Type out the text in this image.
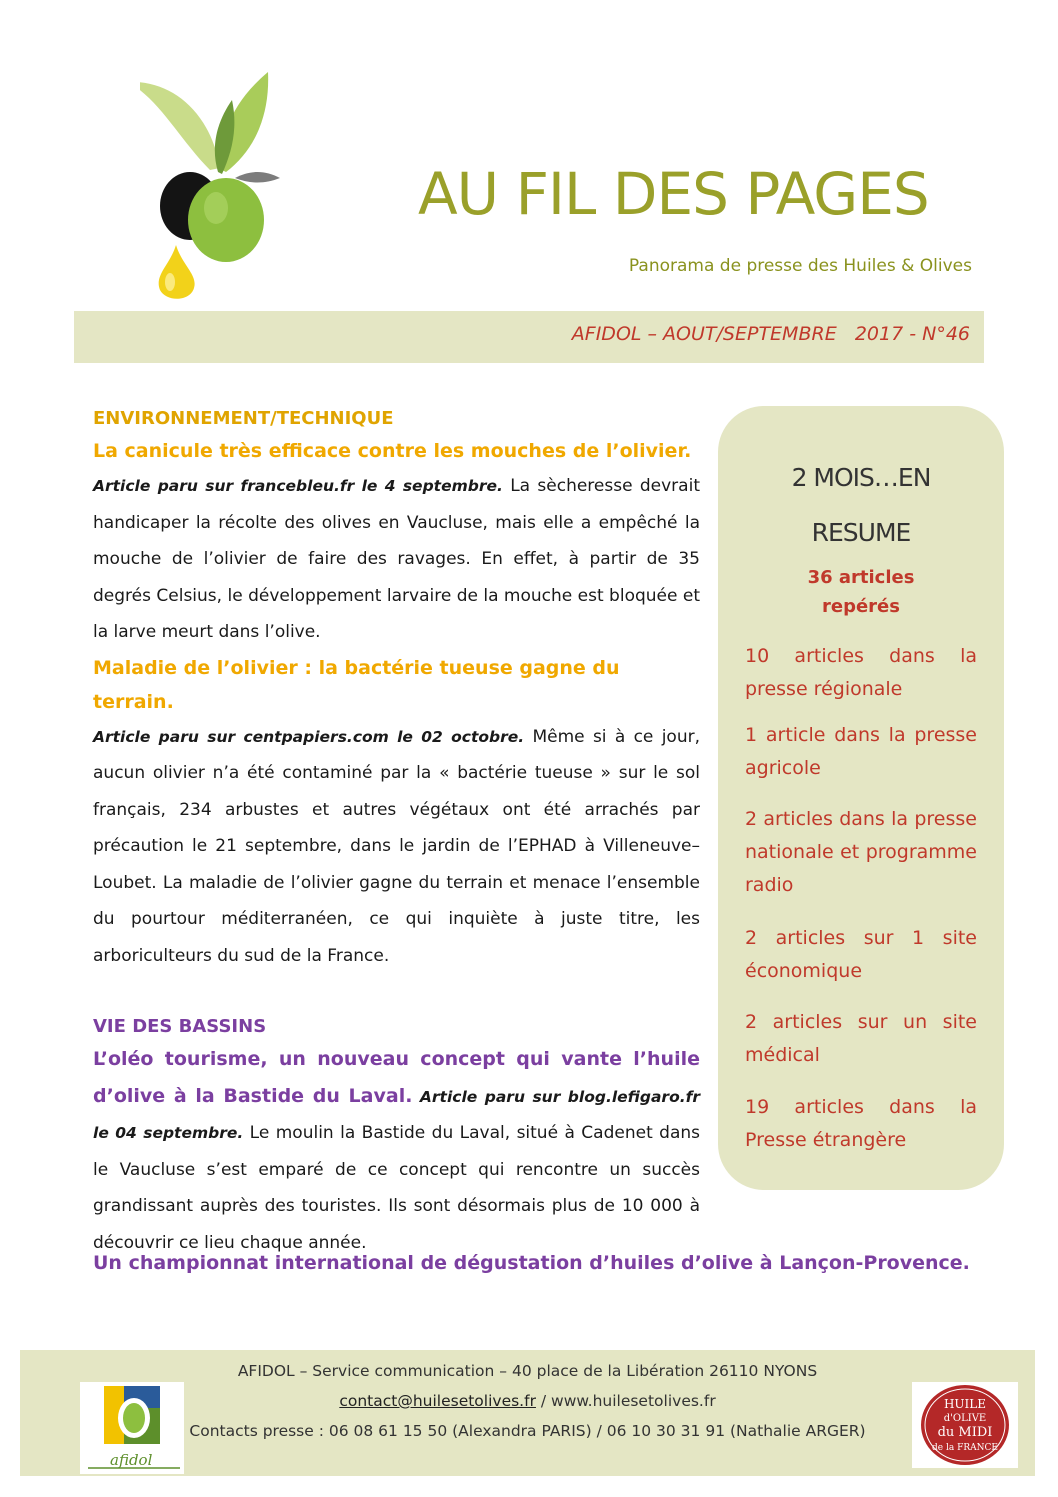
AU FIL DES PAGES
Panorama de presse des Huiles & Olives
AFIDOL – AOUT/SEPTEMBRE   2017 - N°46

ENVIRONNEMENT/TECHNIQUE

La canicule très efficace contre les mouches de l’olivier.

Article paru sur francebleu.fr le 4 septembre. La sècheresse devrait handicaper la récolte des olives en Vaucluse, mais elle a empêché la mouche de l’olivier de faire des ravages. En effet, à partir de 35 degrés Celsius, le développement larvaire de la mouche est bloquée et la larve meurt dans l’olive.

Maladie de l’olivier : la bactérie tueuse gagne du terrain.

Article paru sur centpapiers.com le 02 octobre. Même si à ce jour, aucun olivier n’a été contaminé par la « bactérie tueuse » sur le sol français, 234 arbustes et autres végétaux ont été arrachés par précaution le 21 septembre, dans le jardin de l’EPHAD à Villeneuve–Loubet. La maladie de l’olivier gagne du terrain et menace l’ensemble du pourtour méditerranéen, ce qui inquiète à juste titre, les arboriculteurs du sud de la France.

VIE DES BASSINS

L’oléo tourisme, un nouveau concept qui vante l’huile d’olive à la Bastide du Laval. Article paru sur blog.lefigaro.fr le 04 septembre. Le moulin la Bastide du Laval, situé à Cadenet dans le Vaucluse s’est emparé de ce concept qui rencontre un succès grandissant auprès des touristes. Ils sont désormais plus de 10 000 à découvrir ce lieu chaque année.

Un championnat international de dégustation d’huiles d’olive à Lançon-Provence.
2 MOIS…EN
RESUME
36 articles
repérés
10 articles dans la presse régionale
1 article dans la presse agricole
2 articles dans la presse nationale et programme radio
2 articles sur 1 site économique
2 articles sur un site médical
19 articles dans la Presse étrangère
afidol
AFIDOL – Service communication – 40 place de la Libération 26110 NYONS
contact@huilesetolives.fr / www.huilesetolives.fr
Contacts presse : 06 08 61 15 50 (Alexandra PARIS) / 06 10 30 31 91 (Nathalie ARGER)
HUILE
d'OLIVE
du MIDI
de la FRANCE
